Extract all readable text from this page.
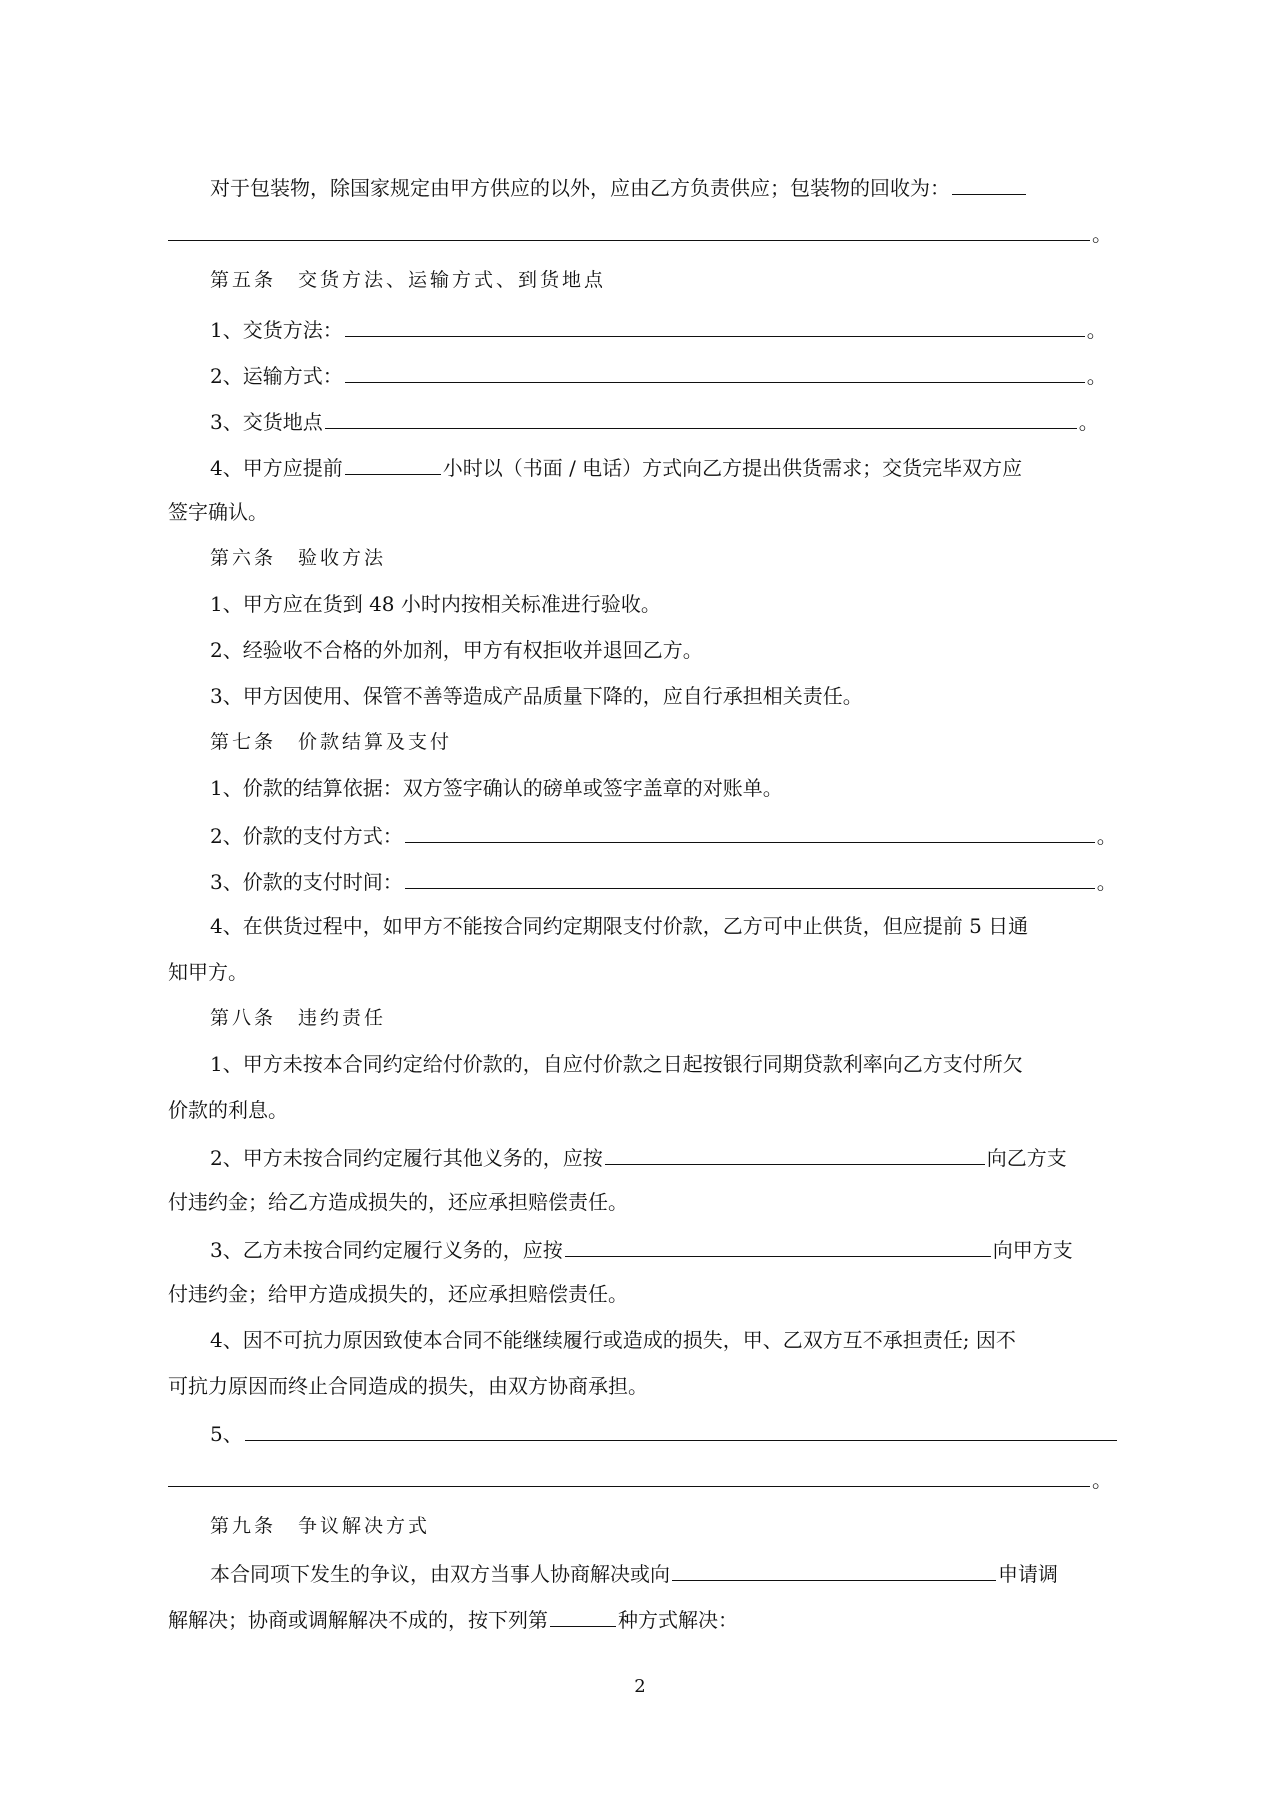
对于包装物，除国家规定由甲方供应的以外，应由乙方负责供应；包装物的回收为：
。
第五条　交货方法、运输方式、到货地点
1、交货方法：	。
2、运输方式：	。
3、交货地点	。
4、甲方应提前	小时以（书面 / 电话）方式向乙方提出供货需求；交货完毕双方应
签字确认。
第六条　验收方法
1、甲方应在货到 48 小时内按相关标准进行验收。
2、经验收不合格的外加剂，甲方有权拒收并退回乙方。
3、甲方因使用、保管不善等造成产品质量下降的，应自行承担相关责任。
第七条　价款结算及支付
1、价款的结算依据：双方签字确认的磅单或签字盖章的对账单。
2、价款的支付方式：	。
3、价款的支付时间：	。
4、在供货过程中，如甲方不能按合同约定期限支付价款，乙方可中止供货，但应提前 5 日通
知甲方。
第八条　违约责任
1、甲方未按本合同约定给付价款的，自应付价款之日起按银行同期贷款利率向乙方支付所欠
价款的利息。
2、甲方未按合同约定履行其他义务的，应按	向乙方支
付违约金；给乙方造成损失的，还应承担赔偿责任。
3、乙方未按合同约定履行义务的，应按	向甲方支
付违约金；给甲方造成损失的，还应承担赔偿责任。
4、因不可抗力原因致使本合同不能继续履行或造成的损失，甲、乙双方互不承担责任; 因不
可抗力原因而终止合同造成的损失，由双方协商承担。
5、
。
第九条　争议解决方式
本合同项下发生的争议，由双方当事人协商解决或向	申请调
解解决；协商或调解解决不成的，按下列第	种方式解决：
2
